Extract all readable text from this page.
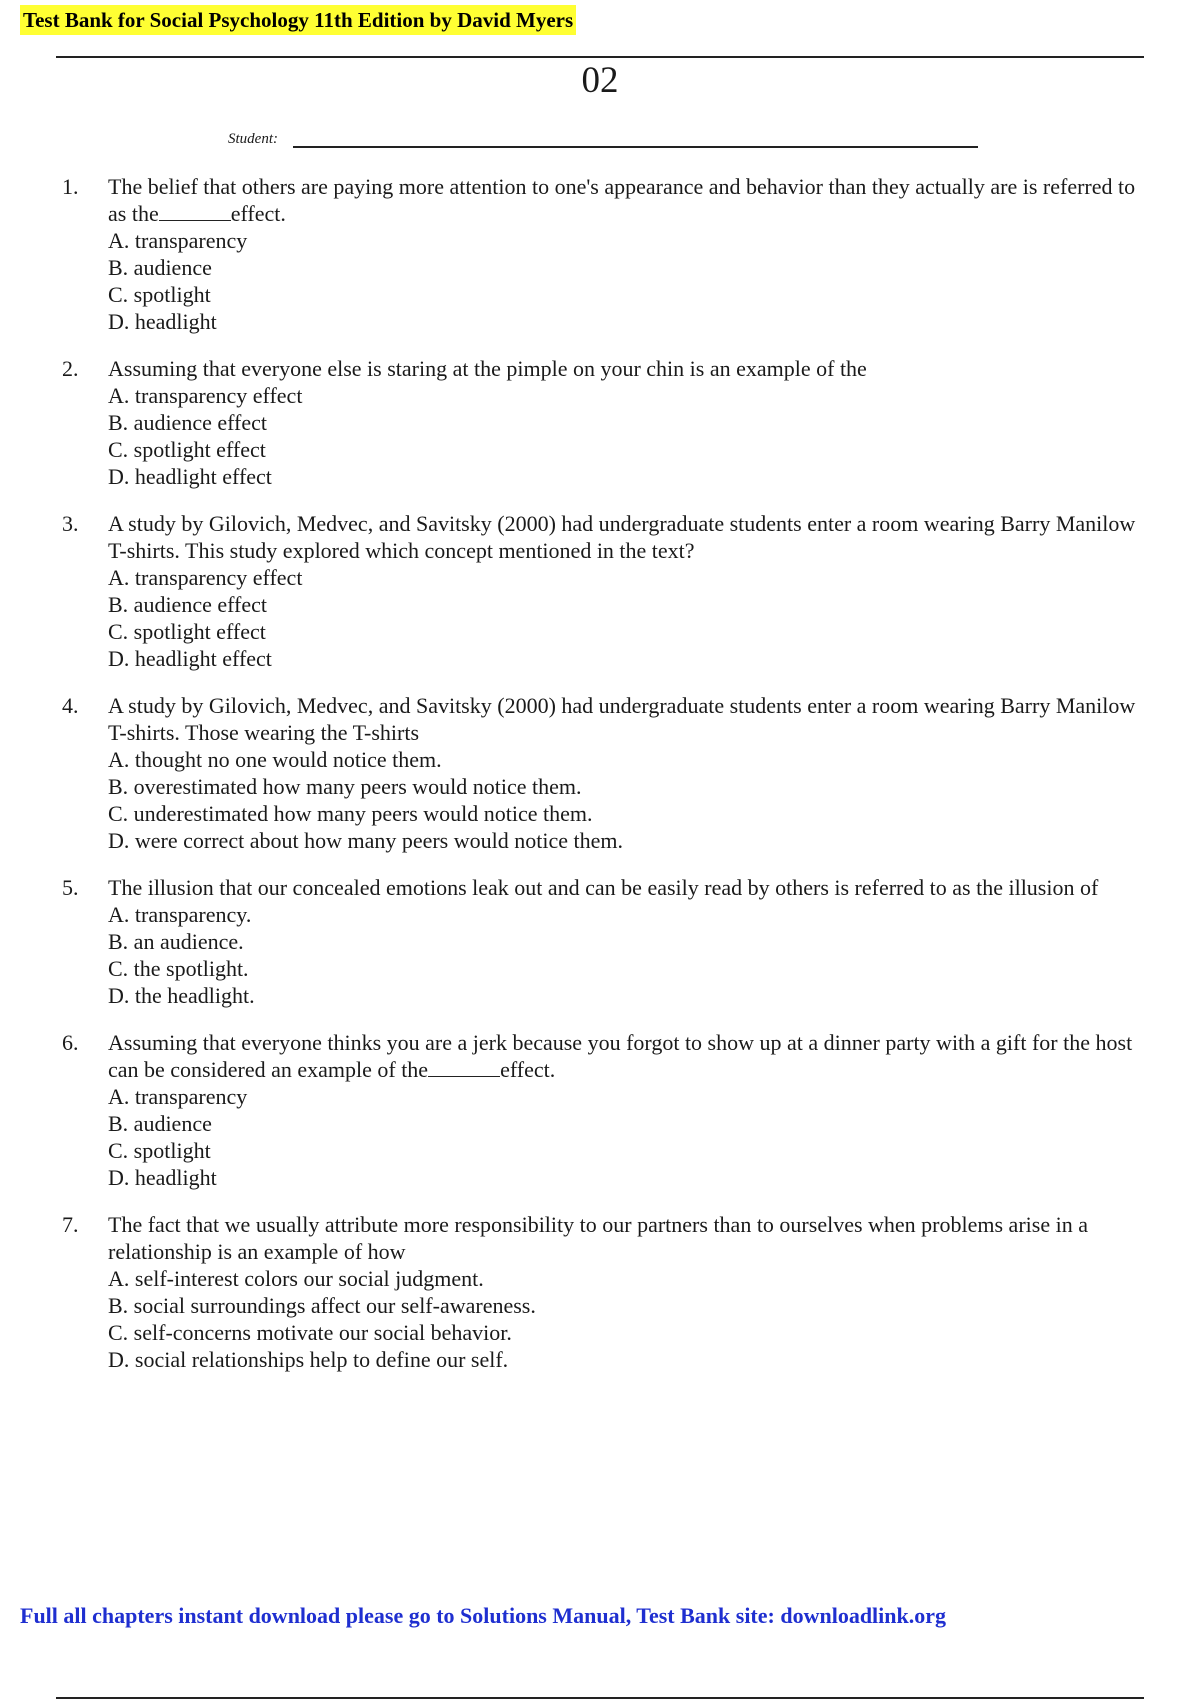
Test Bank for Social Psychology 11th Edition by David Myers
02
Student:
1. The belief that others are paying more attention to one's appearance and behavior than they actually are is referred to as the	effect.
A. transparency
B. audience
C. spotlight
D. headlight
2. Assuming that everyone else is staring at the pimple on your chin is an example of the
A. transparency effect
B. audience effect
C. spotlight effect
D. headlight effect
3. A study by Gilovich, Medvec, and Savitsky (2000) had undergraduate students enter a room wearing Barry Manilow T-shirts. This study explored which concept mentioned in the text?
A. transparency effect
B. audience effect
C. spotlight effect
D. headlight effect
4. A study by Gilovich, Medvec, and Savitsky (2000) had undergraduate students enter a room wearing Barry Manilow T-shirts. Those wearing the T-shirts
A. thought no one would notice them.
B. overestimated how many peers would notice them.
C. underestimated how many peers would notice them.
D. were correct about how many peers would notice them.
5. The illusion that our concealed emotions leak out and can be easily read by others is referred to as the illusion of
A. transparency.
B. an audience.
C. the spotlight.
D. the headlight.
6. Assuming that everyone thinks you are a jerk because you forgot to show up at a dinner party with a gift for the host can be considered an example of the	effect.
A. transparency
B. audience
C. spotlight
D. headlight
7. The fact that we usually attribute more responsibility to our partners than to ourselves when problems arise in a relationship is an example of how
A. self-interest colors our social judgment.
B. social surroundings affect our self-awareness.
C. self-concerns motivate our social behavior.
D. social relationships help to define our self.
Full all chapters instant download please go to Solutions Manual, Test Bank site: downloadlink.org
